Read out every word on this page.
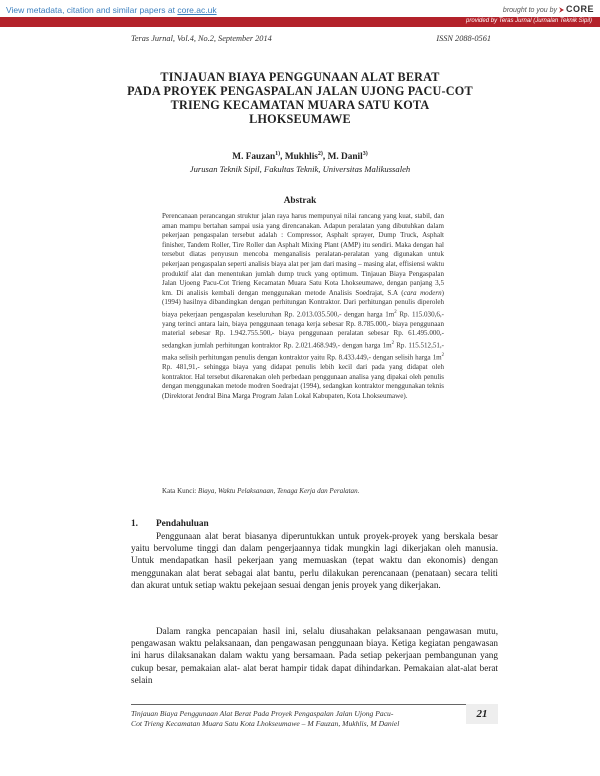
View metadata, citation and similar papers at core.ac.uk	brought to you by ⮞ CORE
provided by Teras Jurnal (Jurnalan Teknik Sipil)
Teras Jurnal, Vol.4, No.2, September 2014	ISSN 2088-0561
TINJAUAN BIAYA PENGGUNAAN ALAT BERAT
PADA PROYEK PENGASPALAN JALAN UJONG PACU-COT
TRIENG KECAMATAN MUARA SATU KOTA
LHOKSEUMAWE
M. Fauzan$^{1)}$, Mukhlis$^{2)}$, M. Danil$^{3)}$
Jurusan Teknik Sipil, Fakultas Teknik, Universitas Malikussaleh
Abstrak

Perencanaan perancangan struktur jalan raya harus mempunyai nilai rancang yang kuat, stabil, dan aman mampu bertahan sampai usia yang direncanakan. Adapun peralatan yang dibutuhkan dalam pekerjaan pengaspalan tersebut adalah : Compressor, Asphalt sprayer, Dump Truck, Asphalt finisher, Tandem Roller, Tire Roller dan Asphalt Mixing Plant (AMP) itu sendiri. Maka dengan hal tersebut diatas penyusun mencoba menganalisis peralatan-peralatan yang digunakan untuk pekerjaan pengaspalan seperti analisis biaya alat per jam dari masing – masing alat, effisiensi waktu produktif alat dan menentukan jumlah dump truck yang optimum. Tinjauan Biaya Pengaspalan Jalan Ujoeng Pacu-Cot Trieng Kecamatan Muara Satu Kota Lhokseumawe, dengan panjang 3,5 km. Di analisis kembali dengan menggunakan metode Analisis Soedrajat, S.A (cara modern) (1994) hasilnya dibandingkan dengan perhitungan Kontraktor. Dari perhitungan penulis diperoleh biaya pekerjaan pengaspalan keseluruhan Rp. 2.013.035.500,- dengan harga $1m^2$ Rp. 115.030,6,- yang terinci antara lain, biaya penggunaan tenaga kerja sebesar Rp. 8.785.000,- biaya penggunaan material sebesar Rp. 1.942.755.500,- biaya penggunaan peralatan sebesar Rp. 61.495.000,- sedangkan jumlah perhitungan kontraktor Rp. 2.021.468.949,- dengan harga $1m^2$ Rp. 115.512,51,- maka selisih perhitungan penulis dengan kontraktor yaitu Rp. 8.433.449,- dengan selisih harga $1m^2$ Rp. 481,91,- sehingga biaya yang didapat penulis lebih kecil dari pada yang didapat oleh kontraktor. Hal tersebut dikarenakan oleh perbedaan penggunaan analisa yang dipakai oleh penulis dengan menggunakan metode modren Soedrajat (1994), sedangkan kontraktor menggunakan teknis (Direktorat Jendral Bina Marga Program Jalan Lokal Kabupaten, Kota Lhokseumawe).

Kata Kunci: Biaya, Waktu Pelaksanaan, Tenaga Kerja dan Peralatan.
1. Pendahuluan

Penggunaan alat berat biasanya diperuntukkan untuk proyek-proyek yang berskala besar yaitu bervolume tinggi dan dalam pengerjaannya tidak mungkin lagi dikerjakan oleh manusia. Untuk mendapatkan hasil pekerjaan yang memuaskan (tepat waktu dan ekonomis) dengan menggunakan alat berat sebagai alat bantu, perlu dilakukan perencanaan (penataan) secara teliti dan akurat untuk setiap waktu pekejaan sesuai dengan jenis proyek yang dikerjakan.

Dalam rangka pencapaian hasil ini, selalu diusahakan pelaksanaan pengawasan mutu, pengawasan waktu pelaksanaan, dan pengawasan penggunaan biaya. Ketiga kegiatan pengawasan ini harus dilaksanakan dalam waktu yang bersamaan. Pada setiap pekerjaan pembangunan yang cukup besar, pemakaian alat- alat berat hampir tidak dapat dihindarkan. Pemakaian alat-alat berat selain

Tinjauan Biaya Penggunaan Alat Berat Pada Proyek Pengaspalan Jalan Ujong Pacu-
Cot Trieng Kecamatan Muara Satu Kota Lhokseumawe – M Fauzan, Mukhlis, M Daniel
21
